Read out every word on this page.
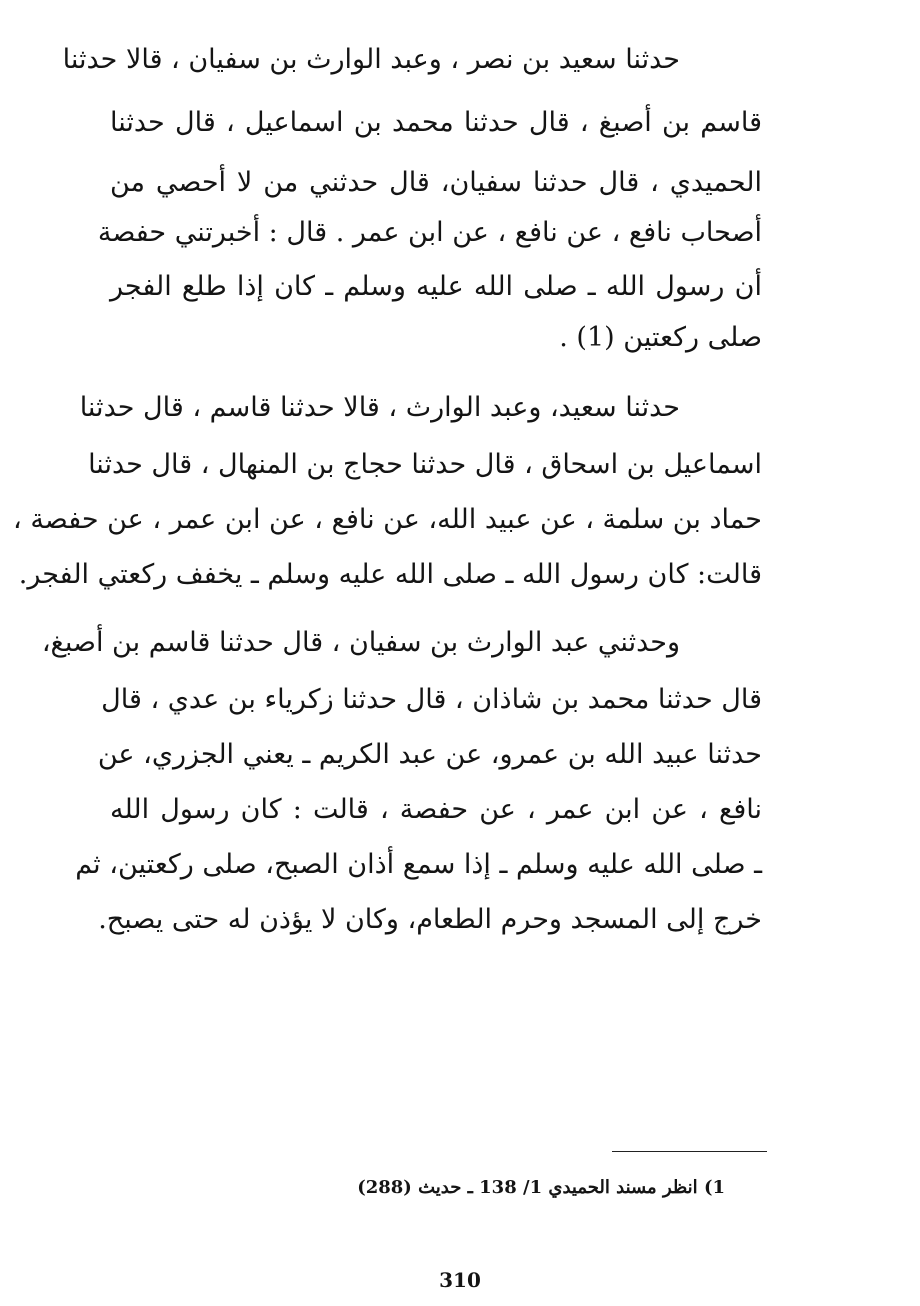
حدثنا سعيد بن نصر ، وعبد الوارث بن سفيان ، قالا حدثنا
قاسم بن أصبغ ، قال حدثنا محمد بن اسماعيل ، قال حدثنا
الحميدي ، قال حدثنا سفيان، قال حدثني من لا أحصي من
أصحاب نافع ، عن نافع ، عن ابن عمر . قال : أخبرتني حفصة
أن رسول الله ـ صلى الله عليه وسلم ـ كان إذا طلع الفجر
صلى ركعتين (1) .
حدثنا سعيد، وعبد الوارث ، قالا حدثنا قاسم ، قال حدثنا
اسماعيل بن اسحاق ، قال حدثنا حجاج بن المنهال ، قال حدثنا
حماد بن سلمة ، عن عبيد الله، عن نافع ، عن ابن عمر ، عن حفصة ،
قالت: كان رسول الله ـ صلى الله عليه وسلم ـ يخفف ركعتي الفجر.
وحدثني عبد الوارث بن سفيان ، قال حدثنا قاسم بن أصبغ،
قال حدثنا محمد بن شاذان ، قال حدثنا زكرياء بن عدي ، قال
حدثنا عبيد الله بن عمرو، عن عبد الكريم ـ يعني الجزري، عن
نافع ، عن ابن عمر ، عن حفصة ، قالت : كان رسول الله
ـ صلى الله عليه وسلم ـ إذا سمع أذان الصبح، صلى ركعتين، ثم
خرج إلى المسجد وحرم الطعام، وكان لا يؤذن له حتى يصبح.
1) انظر مسند الحميدي 1/ 138 ـ حديث (288)
310
